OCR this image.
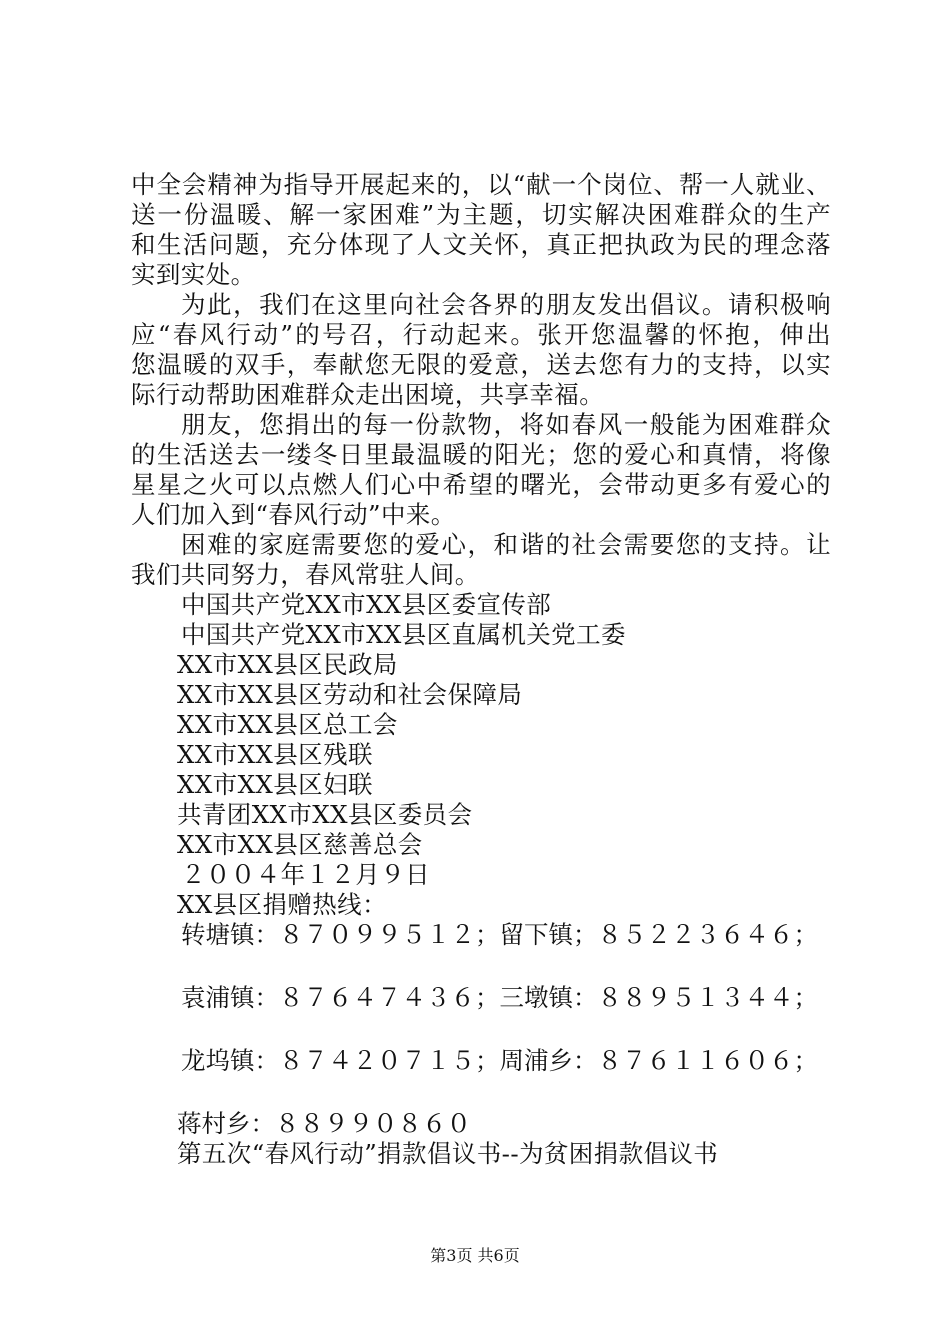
中全会精神为指导开展起来的，以“献一个岗位、帮一人就业、
送一份温暖、解一家困难”为主题，切实解决困难群众的生产
和生活问题，充分体现了人文关怀，真正把执政为民的理念落
实到实处。
为此，我们在这里向社会各界的朋友发出倡议。请积极响
应“春风行动”的号召，行动起来。张开您温馨的怀抱，伸出
您温暖的双手，奉献您无限的爱意，送去您有力的支持，以实
际行动帮助困难群众走出困境，共享幸福。
朋友，您捐出的每一份款物，将如春风一般能为困难群众
的生活送去一缕冬日里最温暖的阳光；您的爱心和真情，将像
星星之火可以点燃人们心中希望的曙光，会带动更多有爱心的
人们加入到“春风行动”中来。
困难的家庭需要您的爱心，和谐的社会需要您的支持。让
我们共同努力，春风常驻人间。
中国共产党XX市XX县区委宣传部
中国共产党XX市XX县区直属机关党工委
XX市XX县区民政局
XX市XX县区劳动和社会保障局
XX市XX县区总工会
XX市XX县区残联
XX市XX县区妇联
共青团XX市XX县区委员会
XX市XX县区慈善总会
２００４年１２月９日
XX县区捐赠热线：
转塘镇：８７０９９５１２；留下镇；８５２２３６４６；
袁浦镇：８７６４７４３６；三墩镇：８８９５１３４４；
龙坞镇：８７４２０７１５；周浦乡：８７６１１６０６；
蒋村乡：８８９９０８６０
第五次“春风行动”捐款倡议书--为贫困捐款倡议书
第3页 共6页
